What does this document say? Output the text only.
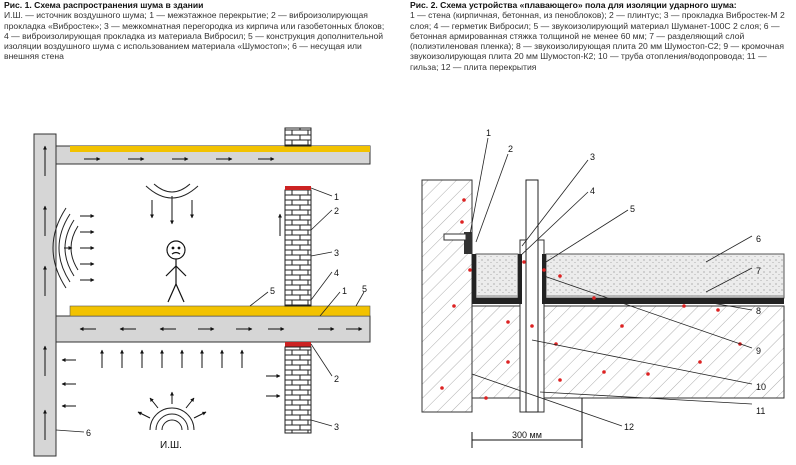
Рис. 1. Схема распространения шума в здании
И.Ш. — источник воздушного шума; 1 — межэтажное перекрытие; 2 — виброизолирующая прокладка «Вибростек»; 3 — межкомнатная перегородка из кирпича или газобетонных блоков; 4 — виброизолирующая прокладка из материала Вибросил; 5 — конструкция дополнительной изоляции воздушного шума с использованием материала «Шумостоп»; 6 — несущая или внешняя стена
Рис. 2. Схема устройства «плавающего» пола для изоляции ударного шума:
1 — стена (кирпичная, бетонная, из пеноблоков); 2 — плинтус; 3 — прокладка Вибростек-М 2 слоя; 4 — герметик Вибросил; 5 — звукоизолирующий материал Шуманет-100С 2 слоя; 6 — бетонная армированная стяжка толщиной не менее 60 мм; 7 — разделяющий слой (полиэтиленовая пленка); 8 — звукоизолирующая плита 20 мм Шумостоп-С2; 9 — кромочная звукоизолирующая плита 20 мм Шумостоп-К2; 10 — труба отопления/водопровода; 11 — гильза; 12 — плита перекрытия
И.Ш.
1
2
3
4
5	1 5
2
3
6	300 мм
1
2
3
4
5
6
7
8
9
10
11
12
